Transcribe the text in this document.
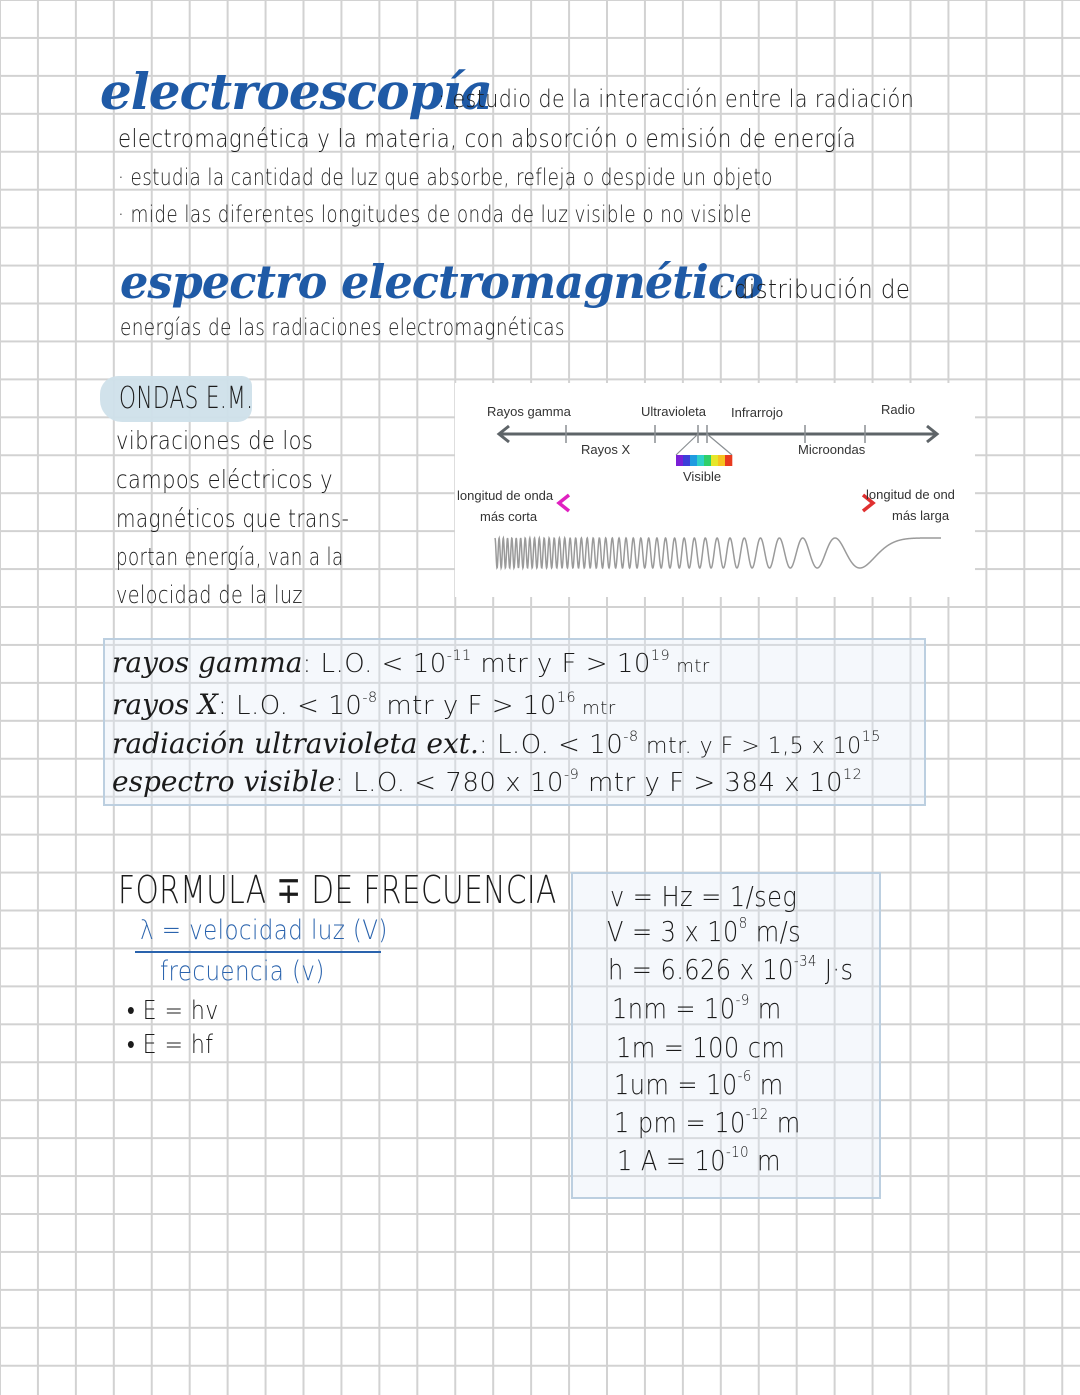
electroescopía
: estudio de la interacción entre la radiación
electromagnética y la materia, con absorción o emisión de energía
· estudia la cantidad de luz que absorbe, refleja o despide un objeto
· mide las diferentes longitudes de onda de luz visible o no visible
espectro electromagnético
: distribución de
energías de las radiaciones electromagnéticas
ONDAS E.M.
vibraciones de los
campos eléctricos y
magnéticos que trans-
portan energía, van a la
velocidad de la luz
Rayos gamma	Ultravioleta Infrarrojo	Radio
Rayos X	Microondas
Visible
longitud de onda
más corta
longitud de ond
más larga
rayos gamma: L.O. < $10^{-11}$ mtr y $F > 10^{19}$ mtr
rayos X: L.O. < $10^{-8}$ mtr y $F > 10^{16}$ mtr
radiación ultravioleta ext.: L.O. < $10^{-8}$ mtr. y F > 1,5 x $10^{15}$
espectro visible: L.O. < 780 x $10^{-9}$ mtr y F > 384 x $10^{12}$
FORMULA ∓ DE FRECUENCIA
λ = velocidad luz (V)
frecuencia (v)
• E = hv
• E = hf
v = Hz = 1/seg
V = 3 x $10^8$ m/s
h = 6.626 x $10^{-34}$ J·s
$1nm = 10^{-9}$ m
1m = 100 cm
$1um = 10^{-6}$ m
1 pm = $10^{-12}$ m
1 $A = 10^{-10}$ m
